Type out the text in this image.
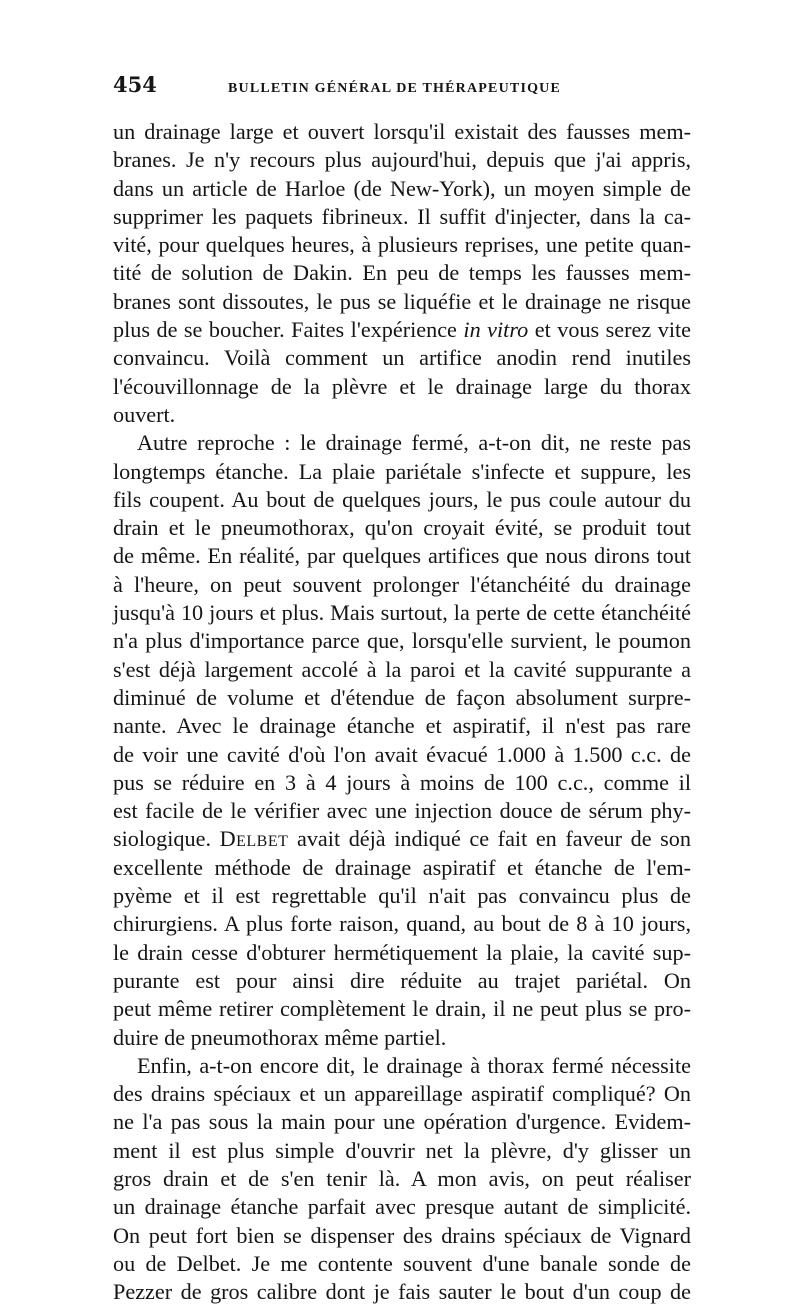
454	BULLETIN GÉNÉRAL DE THÉRAPEUTIQUE
un drainage large et ouvert lorsqu'il existait des fausses mem-
branes. Je n'y recours plus aujourd'hui, depuis que j'ai appris,
dans un article de Harloe (de New-York), un moyen simple de
supprimer les paquets fibrineux. Il suffit d'injecter, dans la ca-
vité, pour quelques heures, à plusieurs reprises, une petite quan-
tité de solution de Dakin. En peu de temps les fausses mem-
branes sont dissoutes, le pus se liquéfie et le drainage ne risque
plus de se boucher. Faites l'expérience in vitro et vous serez vite
convaincu. Voilà comment un artifice anodin rend inutiles
l'écouvillonnage de la plèvre et le drainage large du thorax
ouvert.
Autre reproche : le drainage fermé, a-t-on dit, ne reste pas
longtemps étanche. La plaie pariétale s'infecte et suppure, les
fils coupent. Au bout de quelques jours, le pus coule autour du
drain et le pneumothorax, qu'on croyait évité, se produit tout
de même. En réalité, par quelques artifices que nous dirons tout
à l'heure, on peut souvent prolonger l'étanchéité du drainage
jusqu'à 10 jours et plus. Mais surtout, la perte de cette étanchéité
n'a plus d'importance parce que, lorsqu'elle survient, le poumon
s'est déjà largement accolé à la paroi et la cavité suppurante a
diminué de volume et d'étendue de façon absolument surpre-
nante. Avec le drainage étanche et aspiratif, il n'est pas rare
de voir une cavité d'où l'on avait évacué 1.000 à 1.500 c.c. de
pus se réduire en 3 à 4 jours à moins de 100 c.c., comme il
est facile de le vérifier avec une injection douce de sérum phy-
siologique. Delbet avait déjà indiqué ce fait en faveur de son
excellente méthode de drainage aspiratif et étanche de l'em-
pyème et il est regrettable qu'il n'ait pas convaincu plus de
chirurgiens. A plus forte raison, quand, au bout de 8 à 10 jours,
le drain cesse d'obturer hermétiquement la plaie, la cavité sup-
purante est pour ainsi dire réduite au trajet pariétal. On
peut même retirer complètement le drain, il ne peut plus se pro-
duire de pneumothorax même partiel.
Enfin, a-t-on encore dit, le drainage à thorax fermé nécessite
des drains spéciaux et un appareillage aspiratif compliqué? On
ne l'a pas sous la main pour une opération d'urgence. Evidem-
ment il est plus simple d'ouvrir net la plèvre, d'y glisser un
gros drain et de s'en tenir là. A mon avis, on peut réaliser
un drainage étanche parfait avec presque autant de simplicité.
On peut fort bien se dispenser des drains spéciaux de Vignard
ou de Delbet. Je me contente souvent d'une banale sonde de
Pezzer de gros calibre dont je fais sauter le bout d'un coup de
